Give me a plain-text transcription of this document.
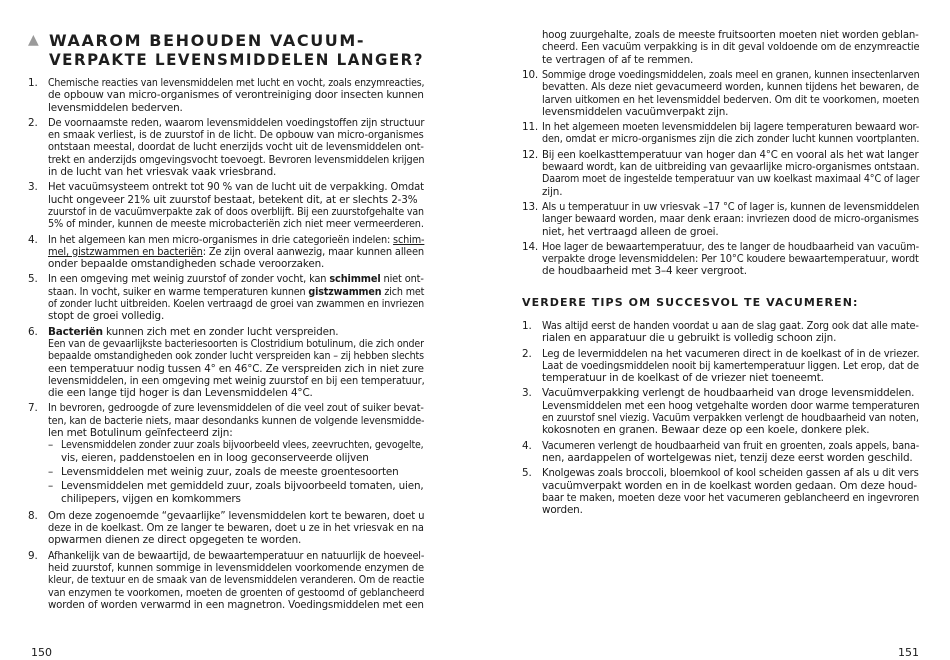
▲ WAAROM BEHOUDEN VACUUM-
VERPAKTE LEVENSMIDDELEN LANGER?
1. Chemische reacties van levensmiddelen met lucht en vocht, zoals enzymreacties,
de opbouw van micro-organismes of verontreiniging door insecten kunnen
levensmiddelen bederven.
2. De voornaamste reden, waarom levensmiddelen voedingstoffen zijn structuur
en smaak verliest, is de zuurstof in de licht. De opbouw van micro-organismes
ontstaan meestal, doordat de lucht enerzijds vocht uit de levensmiddelen ont-
trekt en anderzijds omgevingsvocht toevoegt. Bevroren levensmiddelen krijgen
in de lucht van het vriesvak vaak vriesbrand.
3. Het vacuümsysteem ontrekt tot 90 % van de lucht uit de verpakking. Omdat
lucht ongeveer 21% uit zuurstof bestaat, betekent dit, at er slechts 2-3%
zuurstof in de vacuümverpakte zak of doos overblijft. Bij een zuurstofgehalte van
5% of minder, kunnen de meeste microbacteriën zich niet meer vermeerderen.
4. In het algemeen kan men micro-organismes in drie categorieën indelen: schim-
mel, gistzwammen en bacteriën: Ze zijn overal aanwezig, maar kunnen alleen
onder bepaalde omstandigheden schade veroorzaken.
5. In een omgeving met weinig zuurstof of zonder vocht, kan schimmel niet ont-
staan. In vocht, suiker en warme temperaturen kunnen gistzwammen zich met
of zonder lucht uitbreiden. Koelen vertraagd de groei van zwammen en invriezen
stopt de groei volledig.
6. Bacteriën kunnen zich met en zonder lucht verspreiden.
Een van de gevaarlijkste bacteriesoorten is Clostridium botulinum, die zich onder
bepaalde omstandigheden ook zonder lucht verspreiden kan – zij hebben slechts
een temperatuur nodig tussen 4° en 46°C. Ze verspreiden zich in niet zure
levensmiddelen, in een omgeving met weinig zuurstof en bij een temperatuur,
die een lange tijd hoger is dan Levensmiddelen 4°C.
7. In bevroren, gedroogde of zure levensmiddelen of die veel zout of suiker bevat-
ten, kan de bacterie niets, maar desondanks kunnen de volgende levensmidde-
len met Botulinum geïnfecteerd zijn:
– Levensmiddelen zonder zuur zoals bijvoorbeeld vlees, zeevruchten, gevogelte,
vis, eieren, paddenstoelen en in loog geconserveerde olijven
– Levensmiddelen met weinig zuur, zoals de meeste groentesoorten
– Levensmiddelen met gemiddeld zuur, zoals bijvoorbeeld tomaten, uien,
chilipepers, vijgen en komkommers
8. Om deze zogenoemde “gevaarlijke” levensmiddelen kort te bewaren, doet u
deze in de koelkast. Om ze langer te bewaren, doet u ze in het vriesvak en na
opwarmen dienen ze direct opgegeten te worden.
9. Afhankelijk van de bewaartijd, de bewaartemperatuur en natuurlijk de hoeveel-
heid zuurstof, kunnen sommige in levensmiddelen voorkomende enzymen de
kleur, de textuur en de smaak van de levensmiddelen veranderen. Om de reactie
van enzymen te voorkomen, moeten de groenten of gestoomd of geblancheerd
worden of worden verwarmd in een magnetron. Voedingsmiddelen met een
150
hoog zuurgehalte, zoals de meeste fruitsoorten moeten niet worden geblan-
cheerd. Een vacuüm verpakking is in dit geval voldoende om de enzymreactie
te vertragen of af te remmen.
10. Sommige droge voedingsmiddelen, zoals meel en granen, kunnen insectenlarven
bevatten. Als deze niet gevacumeerd worden, kunnen tijdens het bewaren, de
larven uitkomen en het levensmiddel bederven. Om dit te voorkomen, moeten
levensmiddelen vacuümverpakt zijn.
11. In het algemeen moeten levensmiddelen bij lagere temperaturen bewaard wor-
den, omdat er micro-organismes zijn die zich zonder lucht kunnen voortplanten.
12. Bij een koelkasttemperatuur van hoger dan 4°C en vooral als het wat langer
bewaard wordt, kan de uitbreiding van gevaarlijke micro-organismes ontstaan.
Daarom moet de ingestelde temperatuur van uw koelkast maximaal 4°C of lager
zijn.
13. Als u temperatuur in uw vriesvak –17 °C of lager is, kunnen de levensmiddelen
langer bewaard worden, maar denk eraan: invriezen dood de micro-organismes
niet, het vertraagd alleen de groei.
14. Hoe lager de bewaartemperatuur, des te langer de houdbaarheid van vacuüm-
verpakte droge levensmiddelen: Per 10°C koudere bewaartemperatuur, wordt
de houdbaarheid met 3–4 keer vergroot.
VERDERE TIPS OM SUCCESVOL TE VACUMEREN:
1. Was altijd eerst de handen voordat u aan de slag gaat. Zorg ook dat alle mate-
rialen en apparatuur die u gebruikt is volledig schoon zijn.
2. Leg de levermiddelen na het vacumeren direct in de koelkast of in de vriezer.
Laat de voedingsmiddelen nooit bij kamertemperatuur liggen. Let erop, dat de
temperatuur in de koelkast of de vriezer niet toeneemt.
3. Vacuümverpakking verlengt de houdbaarheid van droge levensmiddelen.
Levensmiddelen met een hoog vetgehalte worden door warme temperaturen
en zuurstof snel viezig. Vacuüm verpakken verlengt de houdbaarheid van noten,
kokosnoten en granen. Bewaar deze op een koele, donkere plek.
4. Vacumeren verlengt de houdbaarheid van fruit en groenten, zoals appels, bana-
nen, aardappelen of wortelgewas niet, tenzij deze eerst worden geschild.
5. Knolgewas zoals broccoli, bloemkool of kool scheiden gassen af als u dit vers
vacuümverpakt worden en in de koelkast worden gedaan. Om deze houd-
baar te maken, moeten deze voor het vacumeren geblancheerd en ingevroren
worden.
151
